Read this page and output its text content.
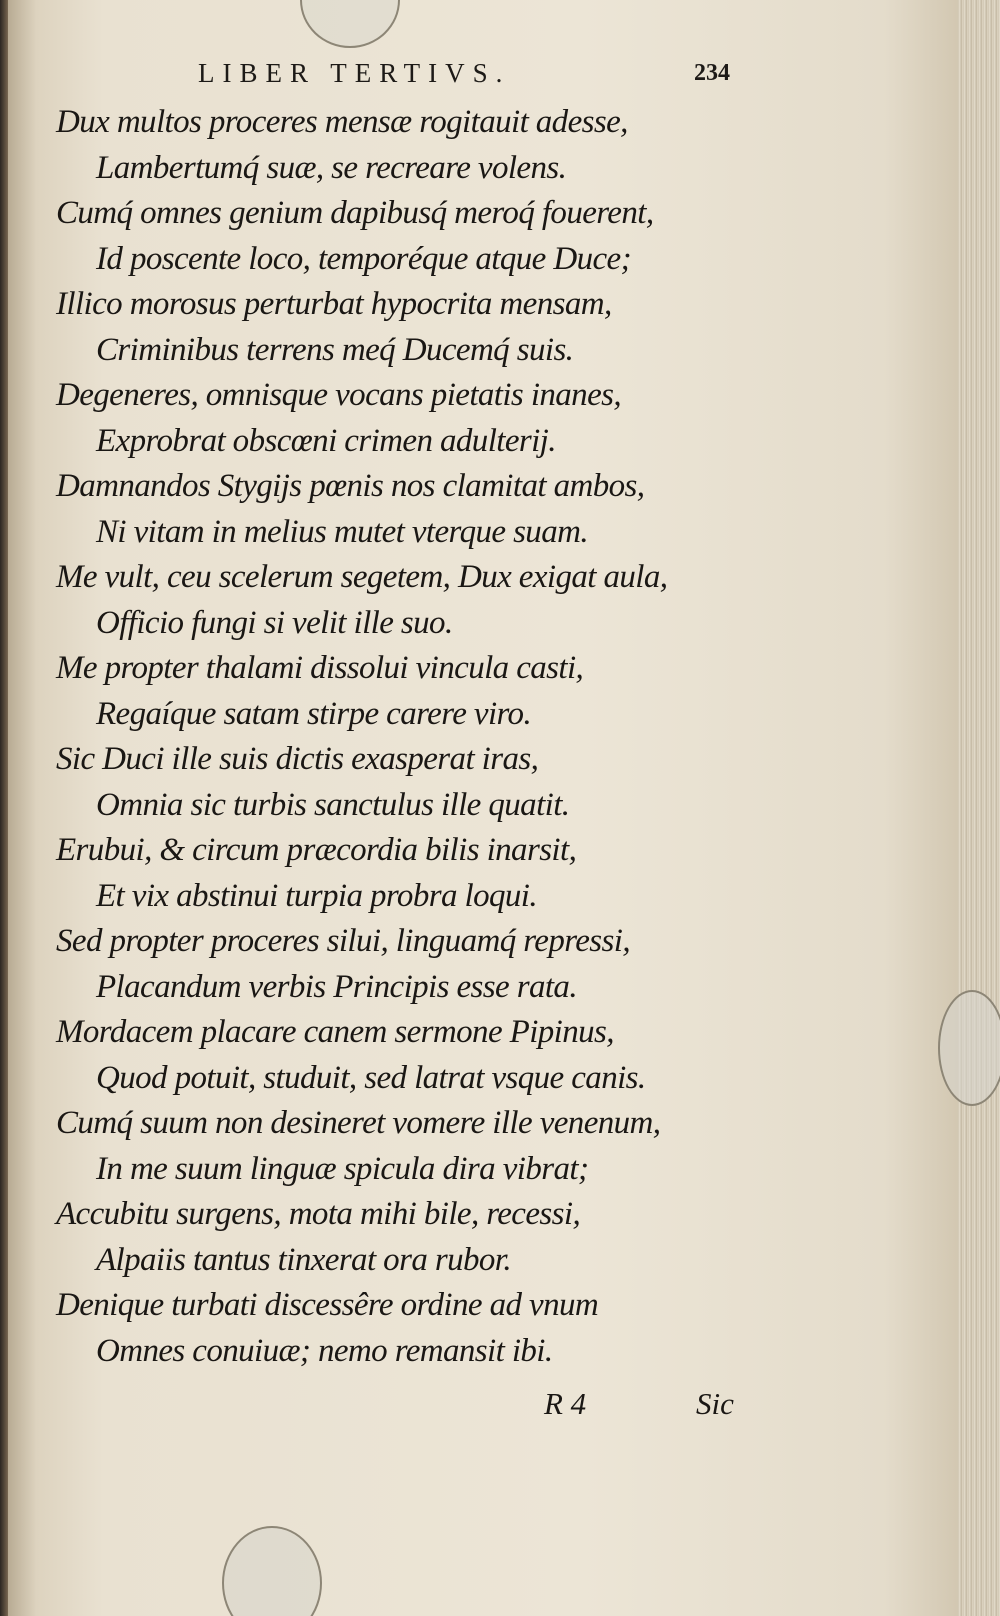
LIBER TERTIVS.	234
Dux multos proceres mensæ rogitauit adesse,
Lambertumq́ suæ, se recreare volens.
Cumq́ omnes genium dapibusq́ meroq́ fouerent,
Id poscente loco, temporéque atque Duce;
Illico morosus perturbat hypocrita mensam,
Criminibus terrens meq́ Ducemq́ suis.
Degeneres, omnisque vocans pietatis inanes,
Exprobrat obscœni crimen adulterij.
Damnandos Stygijs pœnis nos clamitat ambos,
Ni vitam in melius mutet vterque suam.
Me vult, ceu scelerum segetem, Dux exigat aula,
Officio fungi si velit ille suo.
Me propter thalami dissolui vincula casti,
Regaíque satam stirpe carere viro.
Sic Duci ille suis dictis exasperat iras,
Omnia sic turbis sanctulus ille quatit.
Erubui, & circum præcordia bilis inarsit,
Et vix abstinui turpia probra loqui.
Sed propter proceres silui, linguamq́ repressi,
Placandum verbis Principis esse rata.
Mordacem placare canem sermone Pipinus,
Quod potuit, studuit, sed latrat vsque canis.
Cumq́ suum non desineret vomere ille venenum,
In me suum linguæ spicula dira vibrat;
Accubitu surgens, mota mihi bile, recessi,
Alpaiis tantus tinxerat ora rubor.
Denique turbati discessêre ordine ad vnum
Omnes conuiuæ; nemo remansit ibi.
R 4	Sic
